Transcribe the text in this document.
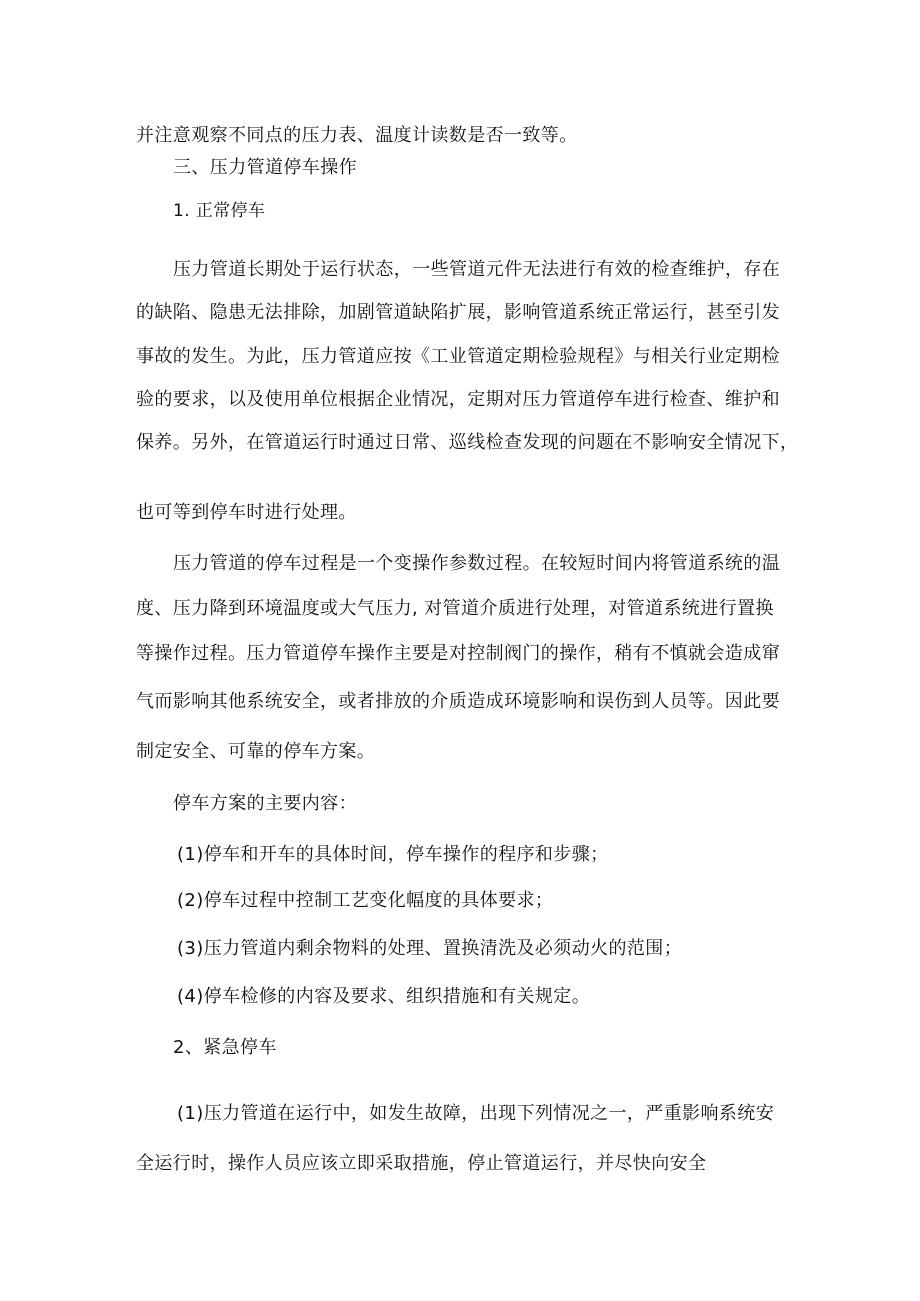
并注意观察不同点的压力表、温度计读数是否一致等。
三、压力管道停车操作
1. 正常停车
压力管道长期处于运行状态，一些管道元件无法进行有效的检查维护，存在
的缺陷、隐患无法排除，加剧管道缺陷扩展，影响管道系统正常运行，甚至引发
事故的发生。为此，压力管道应按《工业管道定期检验规程》与相关行业定期检
验的要求，以及使用单位根据企业情况，定期对压力管道停车进行检查、维护和
保养。另外，在管道运行时通过日常、巡线检查发现的问题在不影响安全情况下，
也可等到停车时进行处理。
压力管道的停车过程是一个变操作参数过程。在较短时间内将管道系统的温
度、压力降到环境温度或大气压力, 对管道介质进行处理，对管道系统进行置换
等操作过程。压力管道停车操作主要是对控制阀门的操作，稍有不慎就会造成窜
气而影响其他系统安全，或者排放的介质造成环境影响和误伤到人员等。因此要
制定安全、可靠的停车方案。
停车方案的主要内容：
(1)停车和开车的具体时间，停车操作的程序和步骤；
(2)停车过程中控制工艺变化幅度的具体要求；
(3)压力管道内剩余物料的处理、置换清洗及必须动火的范围；
(4)停车检修的内容及要求、组织措施和有关规定。
2、紧急停车
(1)压力管道在运行中，如发生故障，出现下列情况之一，严重影响系统安
全运行时，操作人员应该立即采取措施，停止管道运行，并尽快向安全
